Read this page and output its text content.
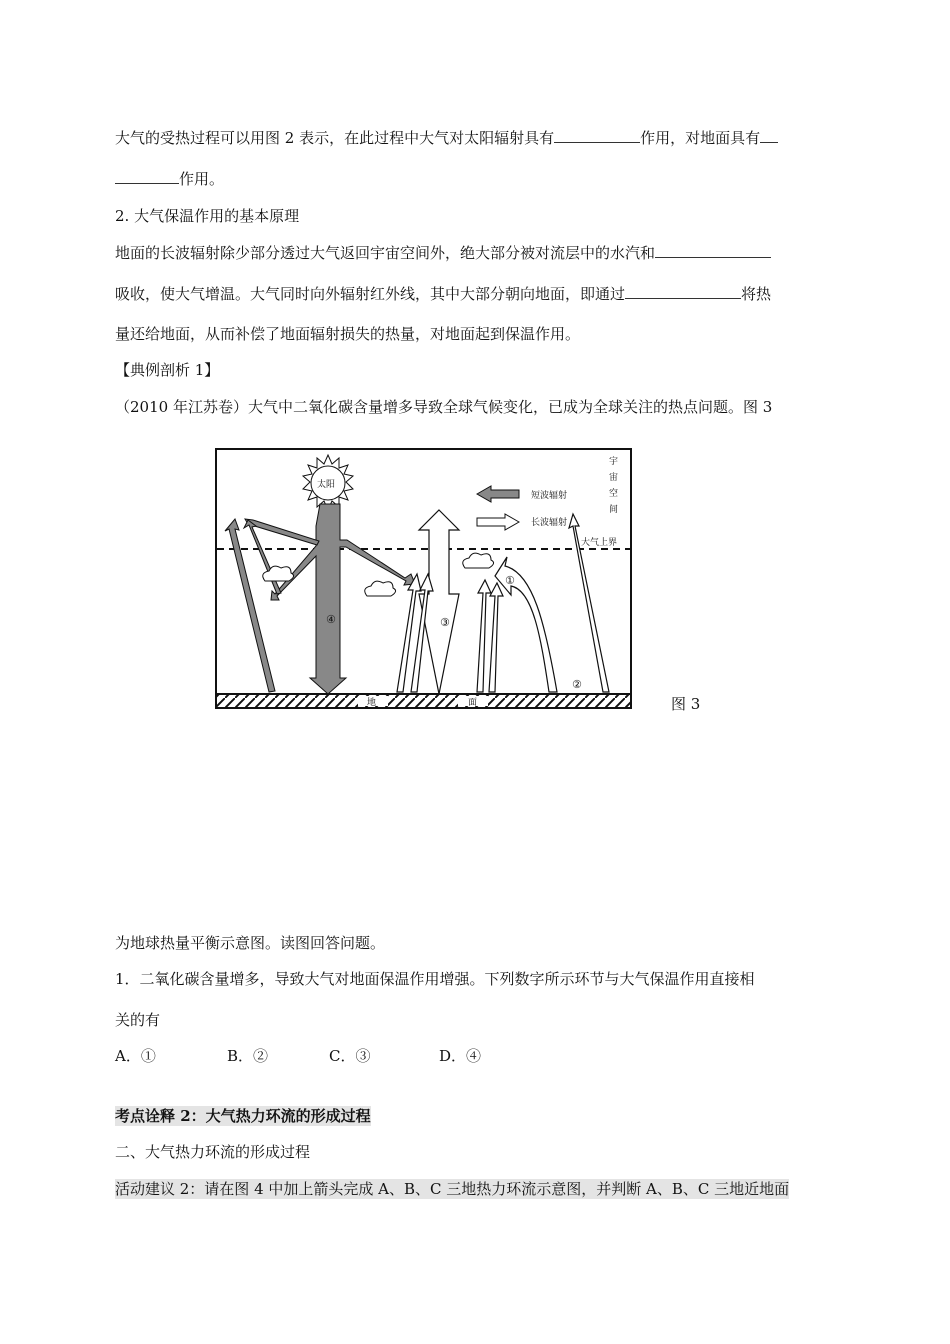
大气的受热过程可以用图 2 表示，在此过程中大气对太阳辐射具有	作用，对地面具有
作用。
2. 大气保温作用的基本原理
地面的长波辐射除少部分透过大气返回宇宙空间外，绝大部分被对流层中的水汽和
吸收，使大气增温。大气同时向外辐射红外线，其中大部分朝向地面，即通过	将热
量还给地面，从而补偿了地面辐射损失的热量，对地面起到保温作用。
【典例剖析 1】
（2010 年江苏卷）大气中二氧化碳含量增多导致全球气候变化，已成为全球关注的热点问题。图 3
大气上界
地	面
太阳
短波辐射
长波辐射
宇
宙
空
间
①
②
③
④
图 3
为地球热量平衡示意图。读图回答问题。
1．二氧化碳含量增多，导致大气对地面保温作用增强。下列数字所示环节与大气保温作用直接相
关的有
A．①	B．②	C．③	D．④
考点诠释 2：大气热力环流的形成过程
二、大气热力环流的形成过程
活动建议 2：请在图 4 中加上箭头完成 A、B、C 三地热力环流示意图，并判断 A、B、C 三地近地面
